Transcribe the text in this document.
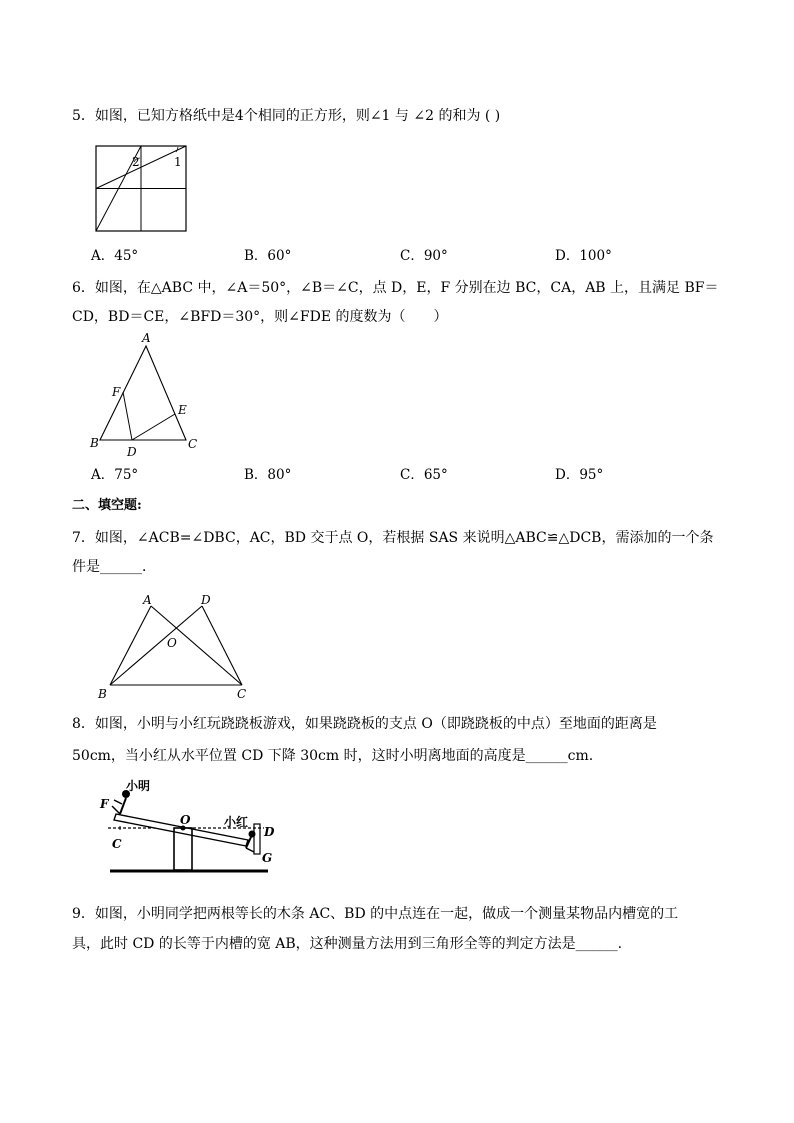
5．如图，已知方格纸中是4个相同的正方形，则∠1 与 ∠2 的和为 ( )
2	1
A．45°	B．60°	C．90°	D．100°
6．如图，在△ABC 中，∠A＝50°，∠B＝∠C，点 D，E，F 分别在边 BC，CA，AB 上，且满足 BF＝
CD，BD＝CE，∠BFD＝30°，则∠FDE 的度数为（　　）
A
F
E
B
D
C
A．75°	B．80°	C．65°	D．95°
二、填空题:
7．如图，∠ACB=∠DBC，AC，BD 交于点 O，若根据 SAS 来说明△ABC≌△DCB，需添加的一个条
件是______．
A	D
O
B	C
8．如图，小明与小红玩跷跷板游戏，如果跷跷板的支点 O（即跷跷板的中点）至地面的距离是
50cm，当小红从水平位置 CD 下降 30cm 时，这时小明离地面的高度是______cm.
小明
小红
F
C
O
D
G
9．如图，小明同学把两根等长的木条 AC、BD 的中点连在一起，做成一个测量某物品内槽宽的工
具，此时 CD 的长等于内槽的宽 AB，这种测量方法用到三角形全等的判定方法是______.
